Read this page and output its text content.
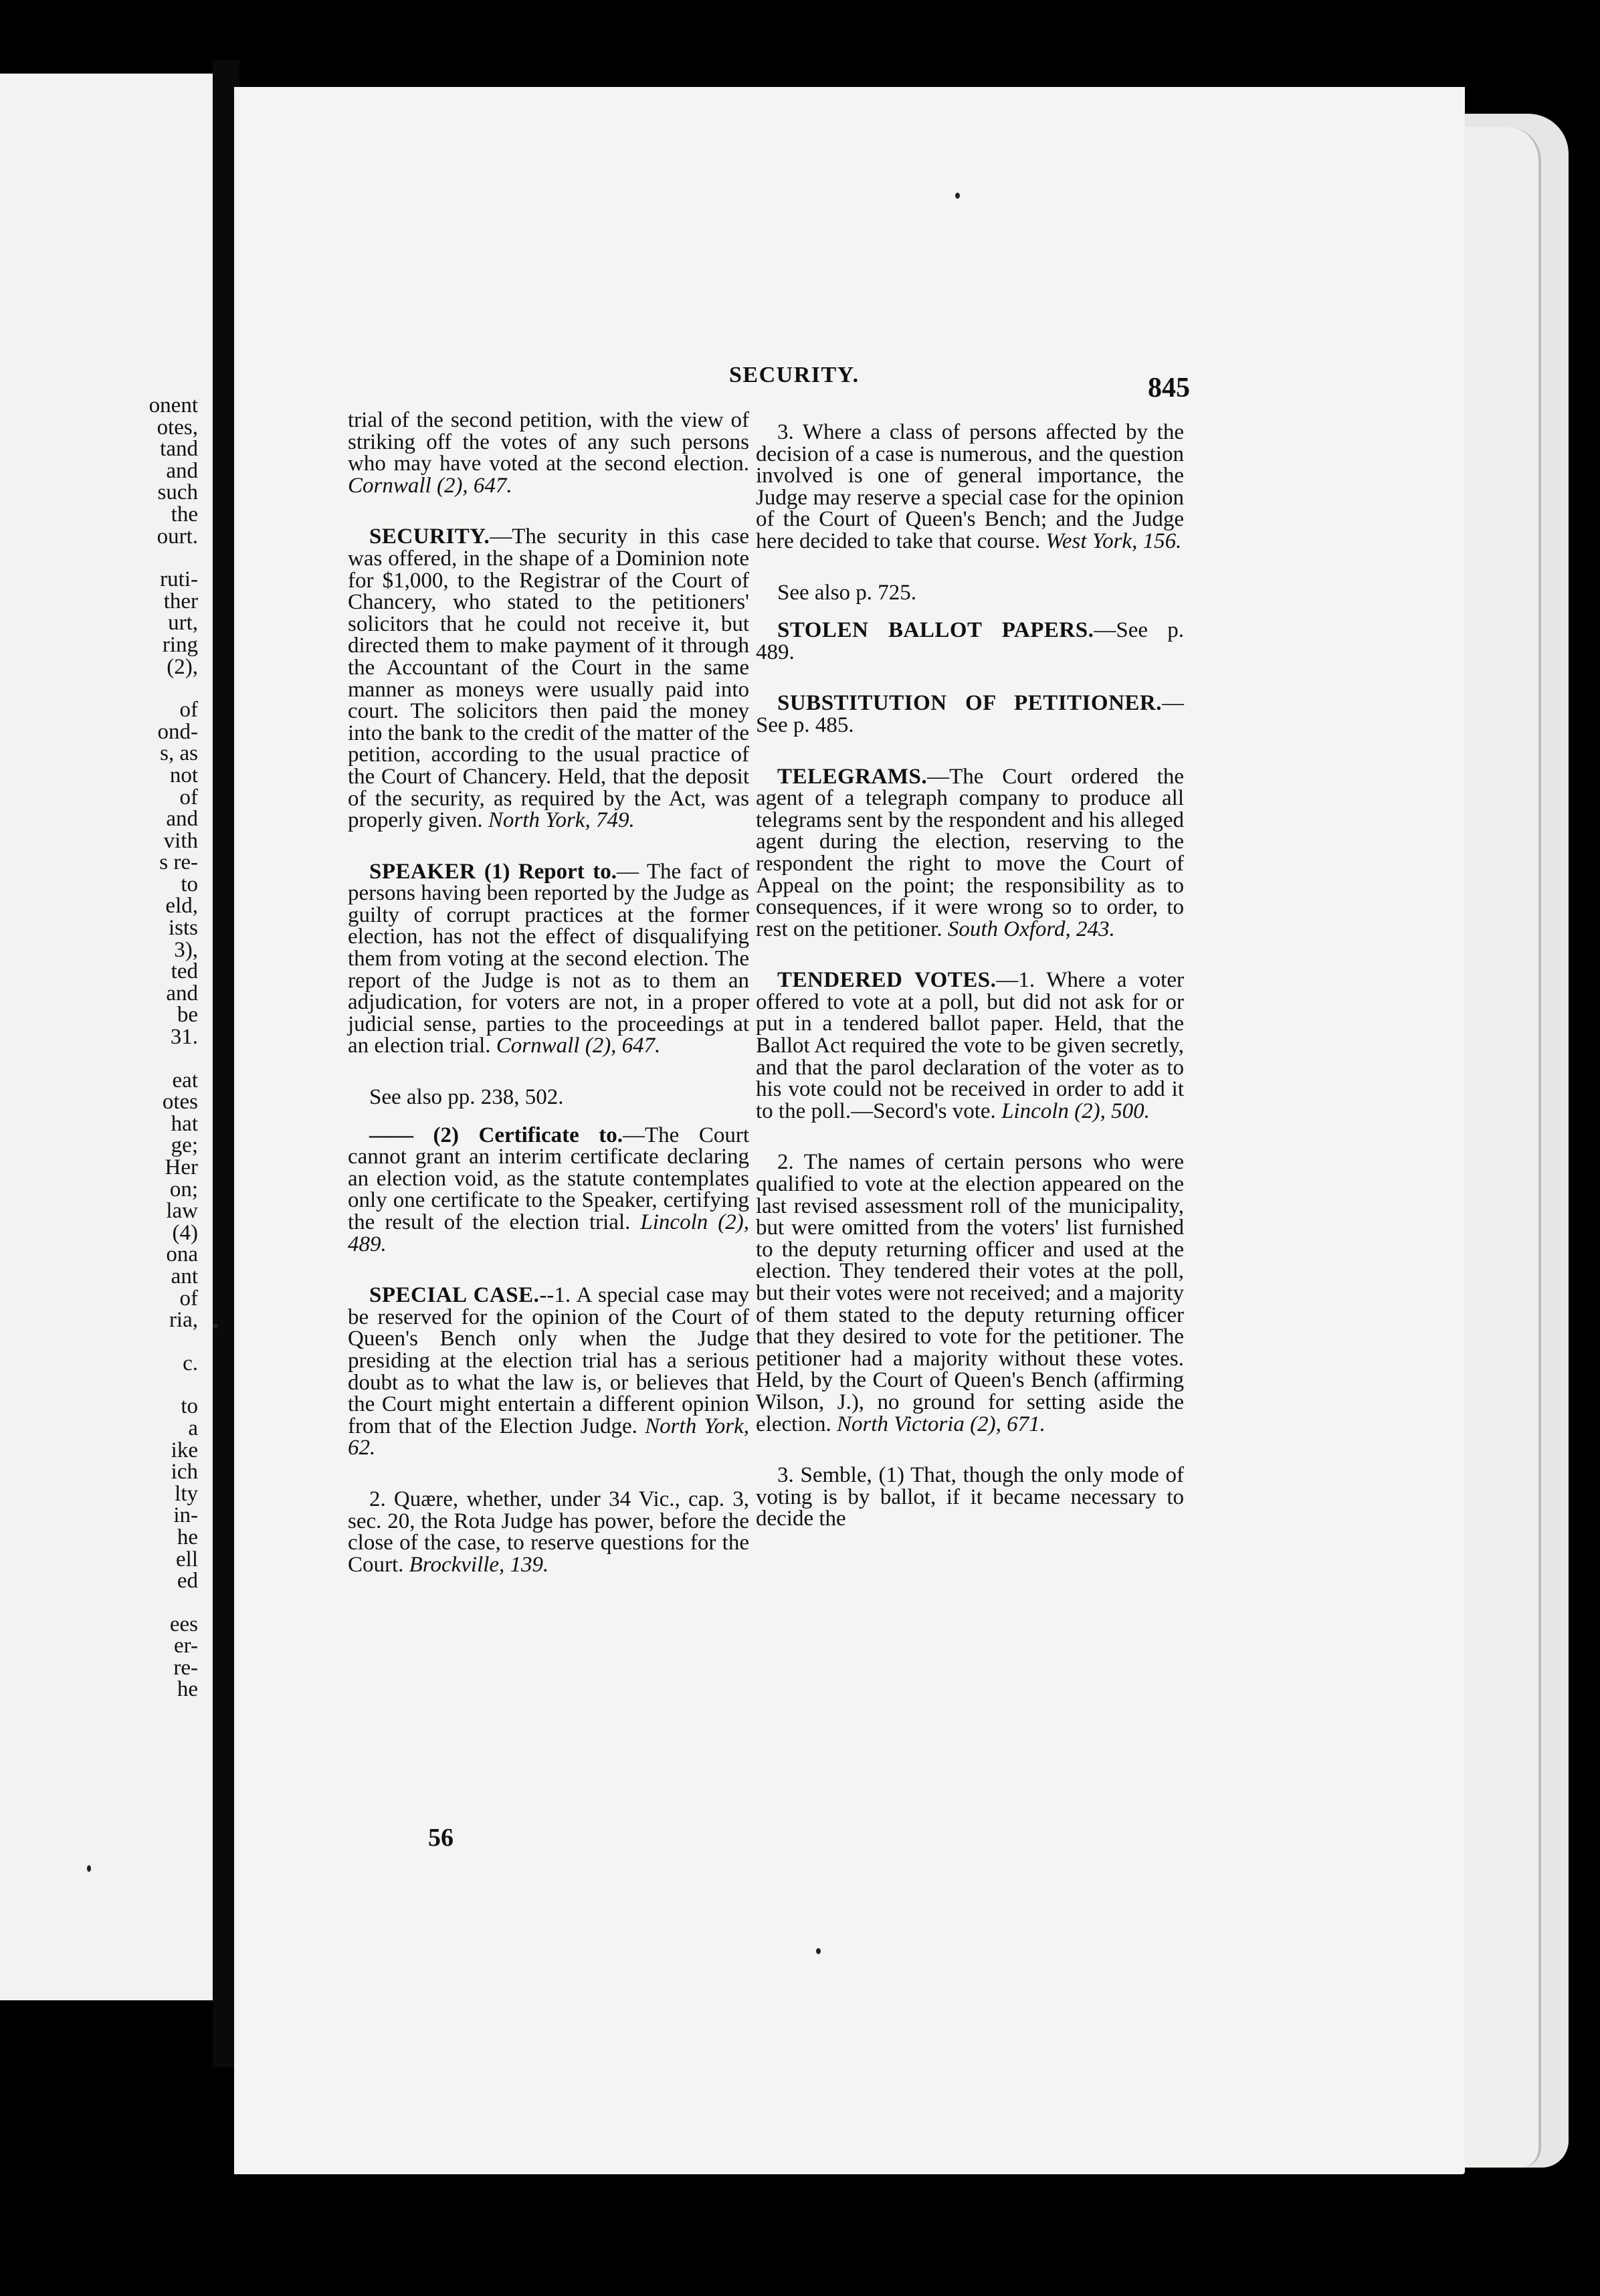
onent
otes,
tand
and
such
the
ourt.

ruti-
ther
urt,
ring
(2),

of
ond-
s, as
not
of
and
vith
s re-
to
eld,
ists
3),
ted
and
be
31.

eat
otes
hat
ge;
Her
on;
law
(4)
ona
ant
of
ria,

c.

to
a
ike
ich
lty
in-
he
ell
ed

ees
er-
re-
he
SECURITY.	845

trial of the second petition, with the view of striking off the votes of any such persons who may have voted at the second election. Cornwall (2), 647.

SECURITY.—The security in this case was offered, in the shape of a Dominion note for $1,000, to the Registrar of the Court of Chancery, who stated to the petitioners' solicitors that he could not receive it, but directed them to make payment of it through the Accountant of the Court in the same manner as moneys were usually paid into court. The solicitors then paid the money into the bank to the credit of the matter of the petition, according to the usual practice of the Court of Chancery. Held, that the deposit of the security, as required by the Act, was properly given. North York, 749.

SPEAKER (1) Report to.— The fact of persons having been reported by the Judge as guilty of corrupt practices at the former election, has not the effect of disqualifying them from voting at the second election. The report of the Judge is not as to them an adjudication, for voters are not, in a proper judicial sense, parties to the proceedings at an election trial. Cornwall (2), 647.

See also pp. 238, 502.

—— (2) Certificate to.—The Court cannot grant an interim certificate declaring an election void, as the statute contemplates only one certificate to the Speaker, certifying the result of the election trial. Lincoln (2), 489.

SPECIAL CASE.--1. A special case may be reserved for the opinion of the Court of Queen's Bench only when the Judge presiding at the election trial has a serious doubt as to what the law is, or believes that the Court might entertain a different opinion from that of the Election Judge. North York, 62.

2. Quære, whether, under 34 Vic., cap. 3, sec. 20, the Rota Judge has power, before the close of the case, to reserve questions for the Court. Brockville, 139.

3. Where a class of persons affected by the decision of a case is numerous, and the question involved is one of general importance, the Judge may reserve a special case for the opinion of the Court of Queen's Bench; and the Judge here decided to take that course. West York, 156.

See also p. 725.

STOLEN BALLOT PAPERS.—See p. 489.

SUBSTITUTION OF PETITIONER.—See p. 485.

TELEGRAMS.—The Court ordered the agent of a telegraph company to produce all telegrams sent by the respondent and his alleged agent during the election, reserving to the respondent the right to move the Court of Appeal on the point; the responsibility as to consequences, if it were wrong so to order, to rest on the petitioner. South Oxford, 243.

TENDERED VOTES.—1. Where a voter offered to vote at a poll, but did not ask for or put in a tendered ballot paper. Held, that the Ballot Act required the vote to be given secretly, and that the parol declaration of the voter as to his vote could not be received in order to add it to the poll.—Secord's vote. Lincoln (2), 500.

2. The names of certain persons who were qualified to vote at the election appeared on the last revised assessment roll of the municipality, but were omitted from the voters' list furnished to the deputy returning officer and used at the election. They tendered their votes at the poll, but their votes were not received; and a majority of them stated to the deputy returning officer that they desired to vote for the petitioner. The petitioner had a majority without these votes. Held, by the Court of Queen's Bench (affirming Wilson, J.), no ground for setting aside the election. North Victoria (2), 671.

3. Semble, (1) That, though the only mode of voting is by ballot, if it became necessary to decide the

56
